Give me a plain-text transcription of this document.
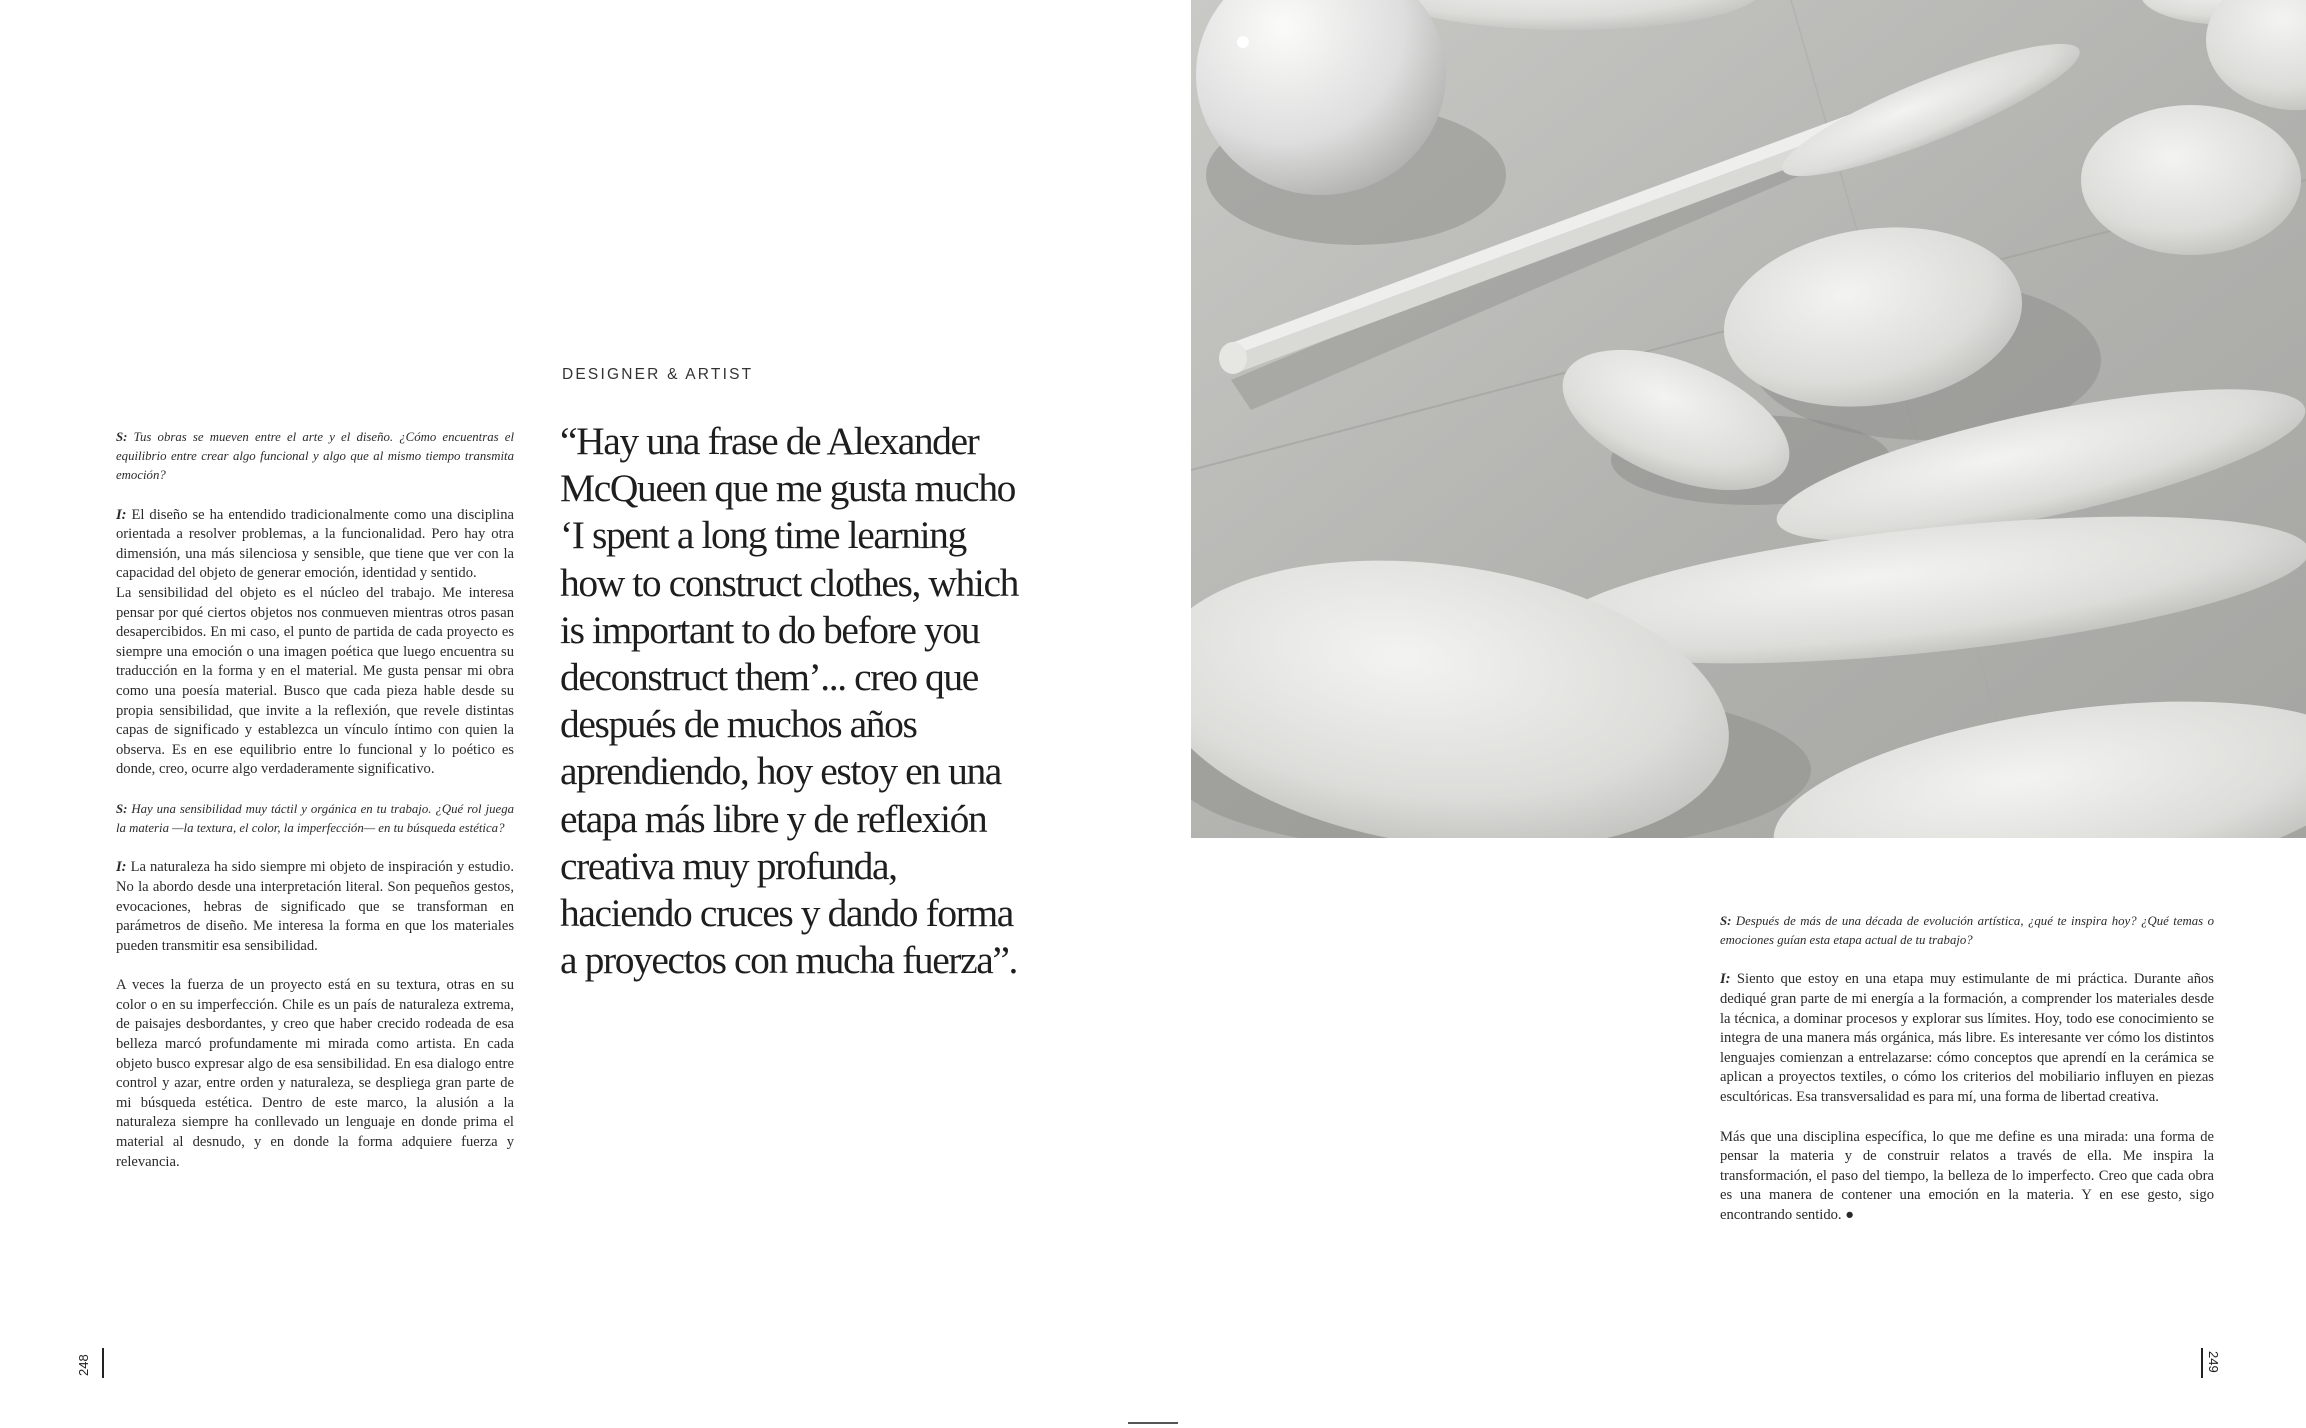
S: Tus obras se mueven entre el arte y el diseño. ¿Cómo encuentras el equilibrio entre crear algo funcional y algo que al mismo tiempo transmita emoción?

I: El diseño se ha entendido tradicionalmente como una disciplina orientada a resolver problemas, a la funcionalidad. Pero hay otra dimensión, una más silenciosa y sensible, que tiene que ver con la capacidad del objeto de generar emoción, identidad y sentido.

La sensibilidad del objeto es el núcleo del trabajo. Me interesa pensar por qué ciertos objetos nos conmueven mientras otros pasan desapercibidos. En mi caso, el punto de partida de cada proyecto es siempre una emoción o una imagen poética que luego encuentra su traducción en la forma y en el material. Me gusta pensar mi obra como una poesía material. Busco que cada pieza hable desde su propia sensibilidad, que invite a la reflexión, que revele distintas capas de significado y establezca un vínculo íntimo con quien la observa. Es en ese equilibrio entre lo funcional y lo poético es donde, creo, ocurre algo verdaderamente significativo.

S: Hay una sensibilidad muy táctil y orgánica en tu trabajo. ¿Qué rol juega la materia —la textura, el color, la imperfección— en tu búsqueda estética?

I: La naturaleza ha sido siempre mi objeto de inspiración y estudio. No la abordo desde una interpretación literal. Son pequeños gestos, evocaciones, hebras de significado que se transforman en parámetros de diseño. Me interesa la forma en que los materiales pueden transmitir esa sensibilidad.

A veces la fuerza de un proyecto está en su textura, otras en su color o en su imperfección. Chile es un país de naturaleza extrema, de paisajes desbordantes, y creo que haber crecido rodeada de esa belleza marcó profundamente mi mirada como artista. En cada objeto busco expresar algo de esa sensibilidad. En esa dialogo entre control y azar, entre orden y naturaleza, se despliega gran parte de mi búsqueda estética. Dentro de este marco, la alusión a la naturaleza siempre ha conllevado un lenguaje en donde prima el material al desnudo, y en donde la forma adquiere fuerza y relevancia.

DESIGNER & ARTIST
“Hay una frase de Alexander McQueen que me gusta mucho ‘I spent a long time learning how to construct clothes, which is important to do before you deconstruct them’... creo que después de muchos años aprendiendo, hoy estoy en una etapa más libre y de reflexión creativa muy profunda, haciendo cruces y dando forma a proyectos con mucha fuerza”.

S: Después de más de una década de evolución artística, ¿qué te inspira hoy? ¿Qué temas o emociones guían esta etapa actual de tu trabajo?

I: Siento que estoy en una etapa muy estimulante de mi práctica. Durante años dediqué gran parte de mi energía a la formación, a comprender los materiales desde la técnica, a dominar procesos y explorar sus límites. Hoy, todo ese conocimiento se integra de una manera más orgánica, más libre. Es interesante ver cómo los distintos lenguajes comienzan a entrelazarse: cómo conceptos que aprendí en la cerámica se aplican a proyectos textiles, o cómo los criterios del mobiliario influyen en piezas escultóricas. Esa transversalidad es para mí, una forma de libertad creativa.

Más que una disciplina específica, lo que me define es una mirada: una forma de pensar la materia y de construir relatos a través de ella. Me inspira la transformación, el paso del tiempo, la belleza de lo imperfecto. Creo que cada obra es una manera de contener una emoción en la materia. Y en ese gesto, sigo encontrando sentido. ●

248	249
